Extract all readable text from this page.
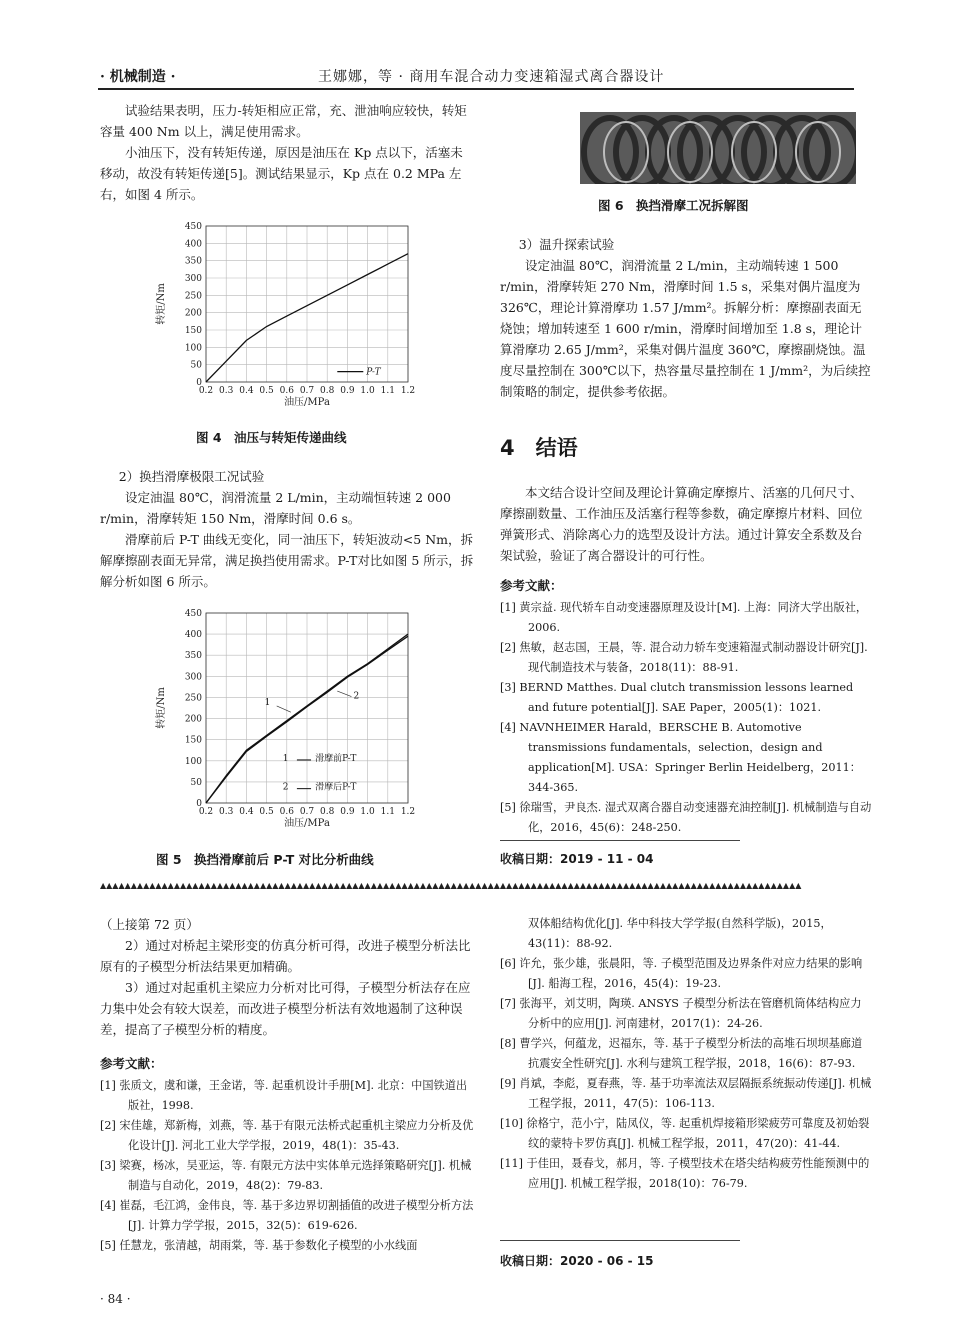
· 机械制造 ·	王娜娜，等 · 商用车混合动力变速箱湿式离合器设计

试验结果表明，压力-转矩相应正常，充、泄油响应较快，转矩容量 400 Nm 以上，满足使用需求。

小油压下，没有转矩传递，原因是油压在 Kp 点以下，活塞未移动，故没有转矩传递[5]。测试结果显示，Kp 点在 0.2 MPa 左右，如图 4 所示。

0
50
100
150
200
250
300
350
400
450
0.2 0.3 0.4 0.5 0.6 0.7 0.8 0.9 1.0 1.1 1.2
油压/MPa
转矩/Nm
P-T
图 4　油压与转矩传递曲线

2）换挡滑摩极限工况试验

设定油温 80℃，润滑流量 2 L/min，主动端恒转速 2 000 r/min，滑摩转矩 150 Nm，滑摩时间 0.6 s。

滑摩前后 P-T 曲线无变化，同一油压下，转矩波动<5 Nm，拆解摩擦副表面无异常，满足换挡使用需求。P-T对比如图 5 所示，拆解分析如图 6 所示。

0
50
100
150
200
250
300
350
400
450
0.2 0.3 0.4 0.5 0.6 0.7 0.8 0.9 1.0 1.1 1.2
油压/MPa
转矩/Nm	1
2
1	滑摩前P-T
2	滑摩后P-T
图 5　换挡滑摩前后 P-T 对比分析曲线
图 6　换挡滑摩工况拆解图

3）温升探索试验

设定油温 80℃，润滑流量 2 L/min，主动端转速 1 500 r/min，滑摩转矩 270 Nm，滑摩时间 1.5 s，采集对偶片温度为 326℃，理论计算滑摩功 1.57 J/mm²。拆解分析：摩擦副表面无烧蚀；增加转速至 1 600 r/min，滑摩时间增加至 1.8 s，理论计算滑摩功 2.65 J/mm²，采集对偶片温度 360℃，摩擦副烧蚀。温度尽量控制在 300℃以下，热容量尽量控制在 1 J/mm²，为后续控制策略的制定，提供参考依据。

4　结语

本文结合设计空间及理论计算确定摩擦片、活塞的几何尺寸、摩擦副数量、工作油压及活塞行程等参数，确定摩擦片材料、回位弹簧形式、消除离心力的选型及设计方法。通过计算安全系数及台架试验，验证了离合器设计的可行性。

参考文献：

[1] 黄宗益. 现代轿车自动变速器原理及设计[M]. 上海：同济大学出版社，2006.

[2] 焦敏，赵志国，王晨，等. 混合动力轿车变速箱湿式制动器设计研究[J]. 现代制造技术与装备，2018(11)：88-91.

[3] BERND Matthes. Dual clutch transmission lessons learned and future potential[J]. SAE Paper，2005(1)：1021.

[4] NAVNHEIMER Harald，BERSCHE B. Automotive transmissions fundamentals，selection，design and application[M]. USA：Springer Berlin Heidelberg，2011：344-365.

[5] 徐瑞雪，尹良杰. 湿式双离合器自动变速器充油控制[J]. 机械制造与自动化，2016，45(6)：248-250.

收稿日期：2019 - 11 - 04
▲▲▲▲▲▲▲▲▲▲▲▲▲▲▲▲▲▲▲▲▲▲▲▲▲▲▲▲▲▲▲▲▲▲▲▲▲▲▲▲▲▲▲▲▲▲▲▲▲▲▲▲▲▲▲▲▲▲▲▲▲▲▲▲▲▲▲▲▲▲▲▲▲▲▲▲▲▲▲▲▲▲▲▲▲▲▲▲▲▲▲▲▲▲▲▲▲▲▲▲▲▲▲▲▲▲▲▲▲▲▲▲▲▲

（上接第 72 页）

2）通过对桥起主梁形变的仿真分析可得，改进子模型分析法比原有的子模型分析法结果更加精确。

3）通过对起重机主梁应力分析对比可得，子模型分析法存在应力集中处会有较大误差，而改进子模型分析法有效地遏制了这种误差，提高了子模型分析的精度。

参考文献：

[1] 张质文，虞和谦，王金诺，等. 起重机设计手册[M]. 北京：中国铁道出版社，1998.

[2] 宋佳雄，郑新梅，刘燕，等. 基于有限元法桥式起重机主梁应力分析及优化设计[J]. 河北工业大学学报，2019，48(1)：35-43.

[3] 梁赛，杨冰，吴亚运，等. 有限元方法中实体单元选择策略研究[J]. 机械制造与自动化，2019，48(2)：79-83.

[4] 崔磊，毛江鸿，金伟良，等. 基于多边界切割插值的改进子模型分析方法[J]. 计算力学学报，2015，32(5)：619-626.

[5] 任慧龙，张清越，胡雨棠，等. 基于参数化子模型的小水线面

· 84 ·

双体船结构优化[J]. 华中科技大学学报(自然科学版)，2015，43(11)：88-92.

[6] 许允，张少雄，张晨阳，等. 子模型范围及边界条件对应力结果的影响[J]. 船海工程，2016，45(4)：19-23.

[7] 张海平，刘艾明，陶瑛. ANSYS 子模型分析法在管磨机筒体结构应力分析中的应用[J]. 河南建材，2017(1)：24-26.

[8] 曹学兴，何蕴龙，迟福东，等. 基于子模型分析法的高堆石坝坝基廊道抗震安全性研究[J]. 水利与建筑工程学报，2018，16(6)：87-93.

[9] 肖斌，李彪，夏春燕，等. 基于功率流法双层隔振系统振动传递[J]. 机械工程学报，2011，47(5)：106-113.

[10] 徐格宁，范小宁，陆凤仪，等. 起重机焊接箱形梁疲劳可靠度及初始裂纹的蒙特卡罗仿真[J]. 机械工程学报，2011，47(20)：41-44.

[11] 于佳田，聂春戈，郝月，等. 子模型技术在塔尖结构疲劳性能预测中的应用[J]. 机械工程学报，2018(10)：76-79.

收稿日期：2020 - 06 - 15
